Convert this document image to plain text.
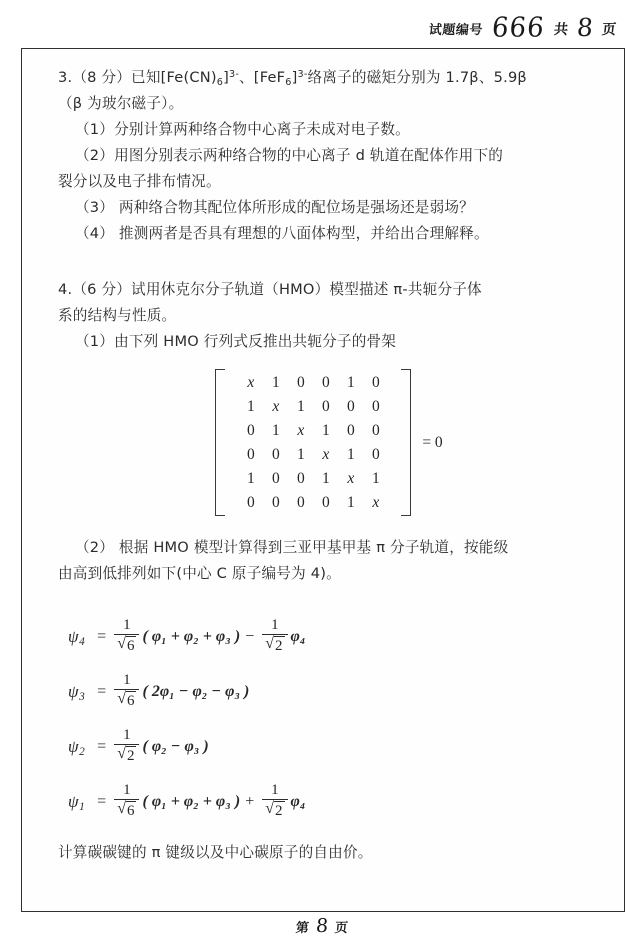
试题编号 666 共 8 页
3.（8 分）已知$[Fe(CN)_6]^{3-}$、$[FeF_6]^{3-}$络离子的磁矩分别为 1.7β、5.9β
（β 为玻尔磁子）。
（1）分别计算两种络合物中心离子未成对电子数。
（2）用图分别表示两种络合物的中心离子 d 轨道在配体作用下的
裂分以及电子排布情况。
（3） 两种络合物其配位体所形成的配位场是强场还是弱场？
（4） 推测两者是否具有理想的八面体构型，并给出合理解释。
4.（6 分）试用休克尔分子轨道（HMO）模型描述 π-共轭分子体
系的结构与性质。
（1）由下列 HMO 行列式反推出共轭分子的骨架
x	1	0	0	1	0
1	x	1	0	0	0
0	1	x	1	0	0
0	0	1	x	1	0
1	0	0	1	x	1
0	0	0	0	1	x
= 0
（2） 根据 HMO 模型计算得到三亚甲基甲基 π 分子轨道，按能级
由高到低排列如下(中心 C 原子编号为 4)。
$\psi_4 = \frac{1}{√ 6}$ ( φ₁ + φ₂ + φ₃ ) − $\frac{1}{√ 2} \varphi_4$
$\psi_3 = \frac{1}{√ 6}$ ( 2φ₁ − φ₂ − φ₃ )
$\psi_2 = \frac{1}{√ 2}$ ( φ₂ − φ₃ )
$\psi_1 = \frac{1}{√ 6}$ ( φ₁ + φ₂ + φ₃ ) + $\frac{1}{√ 2} \varphi_4$
计算碳碳键的 π 键级以及中心碳原子的自由价。
第 8 页
